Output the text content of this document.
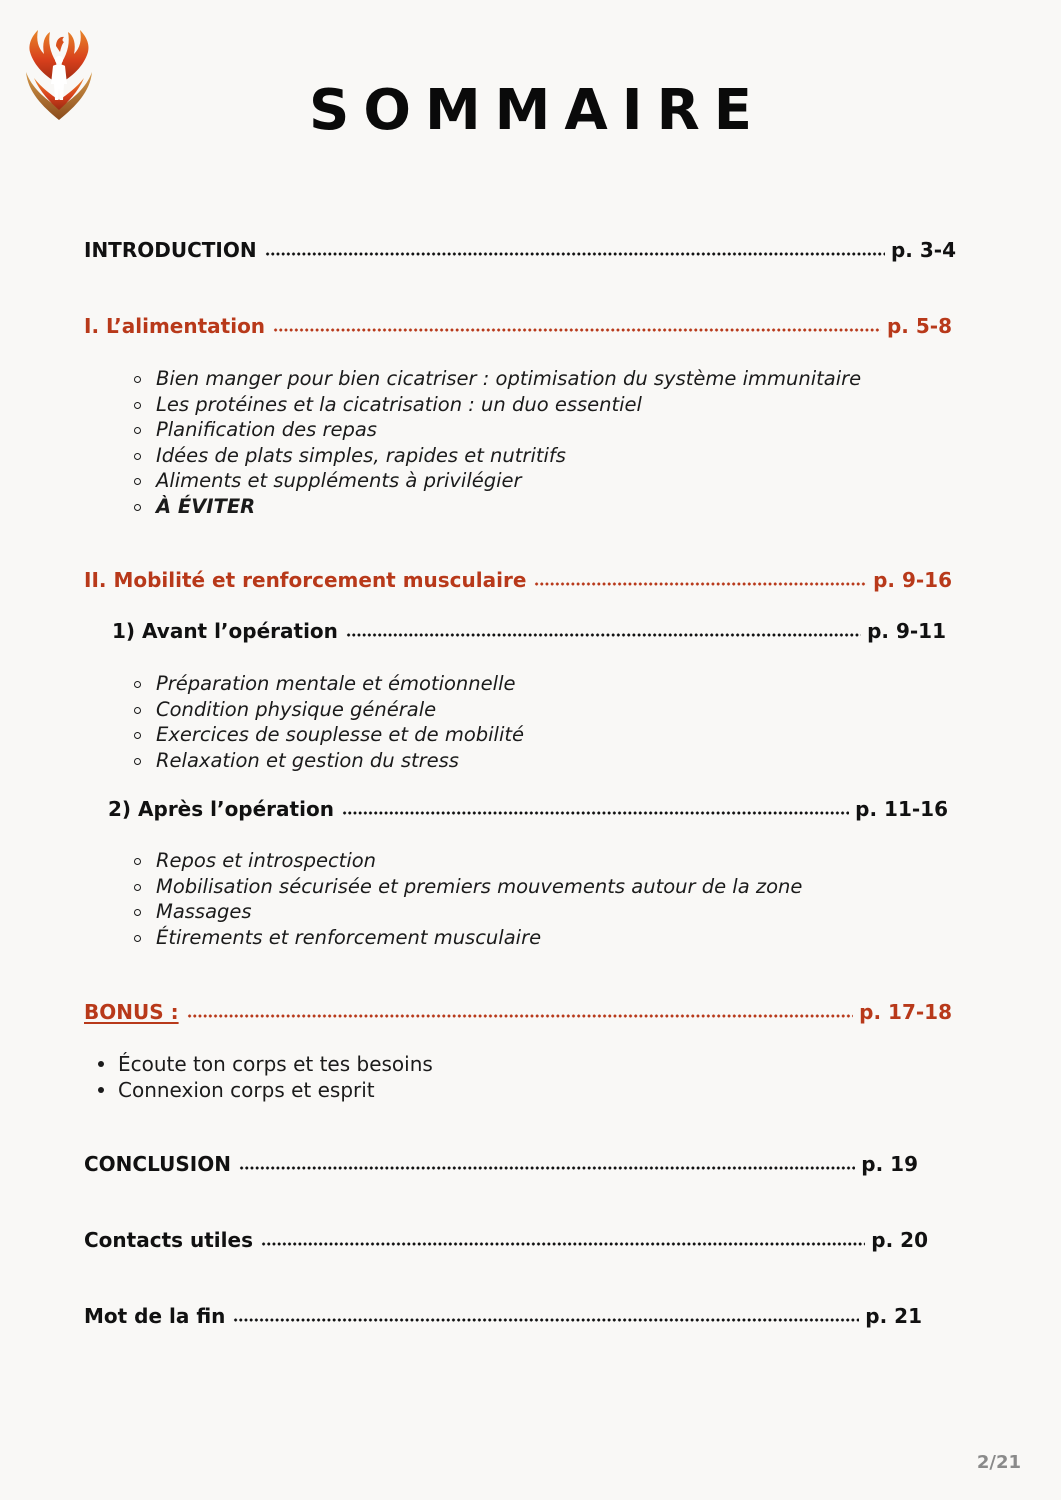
SOMMAIRE
INTRODUCTION	p. 3-4
I. L’alimentation	p. 5-8
Bien manger pour bien cicatriser : optimisation du système immunitaire
Les protéines et la cicatrisation : un duo essentiel
Planification des repas
Idées de plats simples, rapides et nutritifs
Aliments et suppléments à privilégier
À ÉVITER
II. Mobilité et renforcement musculaire	p. 9-16
1) Avant l’opération	p. 9-11
Préparation mentale et émotionnelle
Condition physique générale
Exercices de souplesse et de mobilité
Relaxation et gestion du stress
2) Après l’opération	p. 11-16
Repos et introspection
Mobilisation sécurisée et premiers mouvements autour de la zone
Massages
Étirements et renforcement musculaire
BONUS :	p. 17-18
Écoute ton corps et tes besoins
Connexion corps et esprit
CONCLUSION	p. 19
Contacts utiles	p. 20
Mot de la fin	p. 21
2/21
